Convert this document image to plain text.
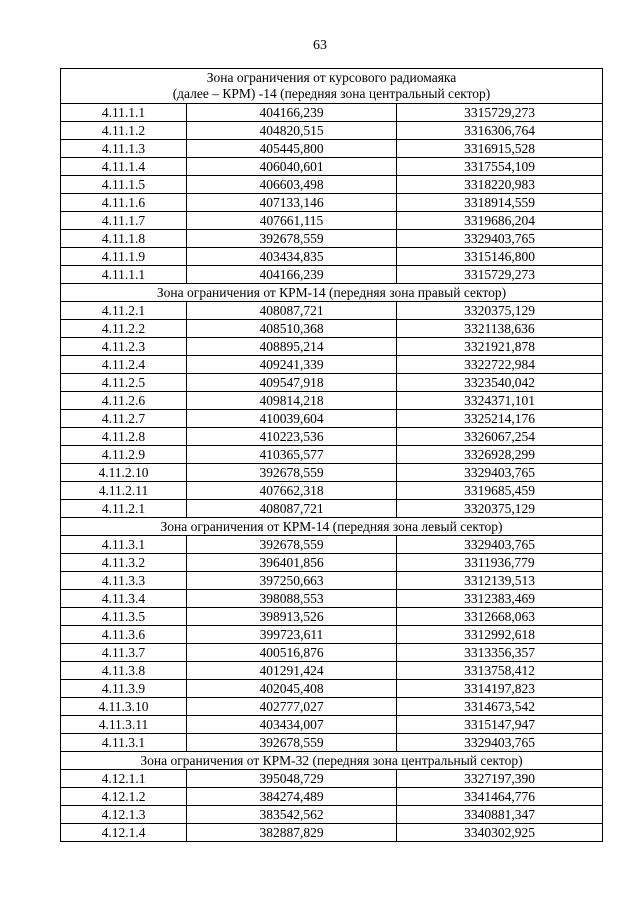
63
Зона ограничения от курсового радиомаяка
(далее – КРМ) -14 (передняя зона центральный сектор)		

4.11.1.1	404166,239	3315729,273
4.11.1.2	404820,515	3316306,764
4.11.1.3	405445,800	3316915,528
4.11.1.4	406040,601	3317554,109
4.11.1.5	406603,498	3318220,983
4.11.1.6	407133,146	3318914,559
4.11.1.7	407661,115	3319686,204
4.11.1.8	392678,559	3329403,765
4.11.1.9	403434,835	3315146,800
4.11.1.1	404166,239	3315729,273

Зона ограничения от КРМ-14 (передняя зона правый сектор)		

4.11.2.1	408087,721	3320375,129
4.11.2.2	408510,368	3321138,636
4.11.2.3	408895,214	3321921,878
4.11.2.4	409241,339	3322722,984
4.11.2.5	409547,918	3323540,042
4.11.2.6	409814,218	3324371,101
4.11.2.7	410039,604	3325214,176
4.11.2.8	410223,536	3326067,254
4.11.2.9	410365,577	3326928,299
4.11.2.10	392678,559	3329403,765
4.11.2.11	407662,318	3319685,459
4.11.2.1	408087,721	3320375,129

Зона ограничения от КРМ-14 (передняя зона левый сектор)		

4.11.3.1	392678,559	3329403,765
4.11.3.2	396401,856	3311936,779
4.11.3.3	397250,663	3312139,513
4.11.3.4	398088,553	3312383,469
4.11.3.5	398913,526	3312668,063
4.11.3.6	399723,611	3312992,618
4.11.3.7	400516,876	3313356,357
4.11.3.8	401291,424	3313758,412
4.11.3.9	402045,408	3314197,823
4.11.3.10	402777,027	3314673,542
4.11.3.11	403434,007	3315147,947
4.11.3.1	392678,559	3329403,765

Зона ограничения от КРМ-32 (передняя зона центральный сектор)		

4.12.1.1	395048,729	3327197,390
4.12.1.2	384274,489	3341464,776
4.12.1.3	383542,562	3340881,347
4.12.1.4	382887,829	3340302,925
